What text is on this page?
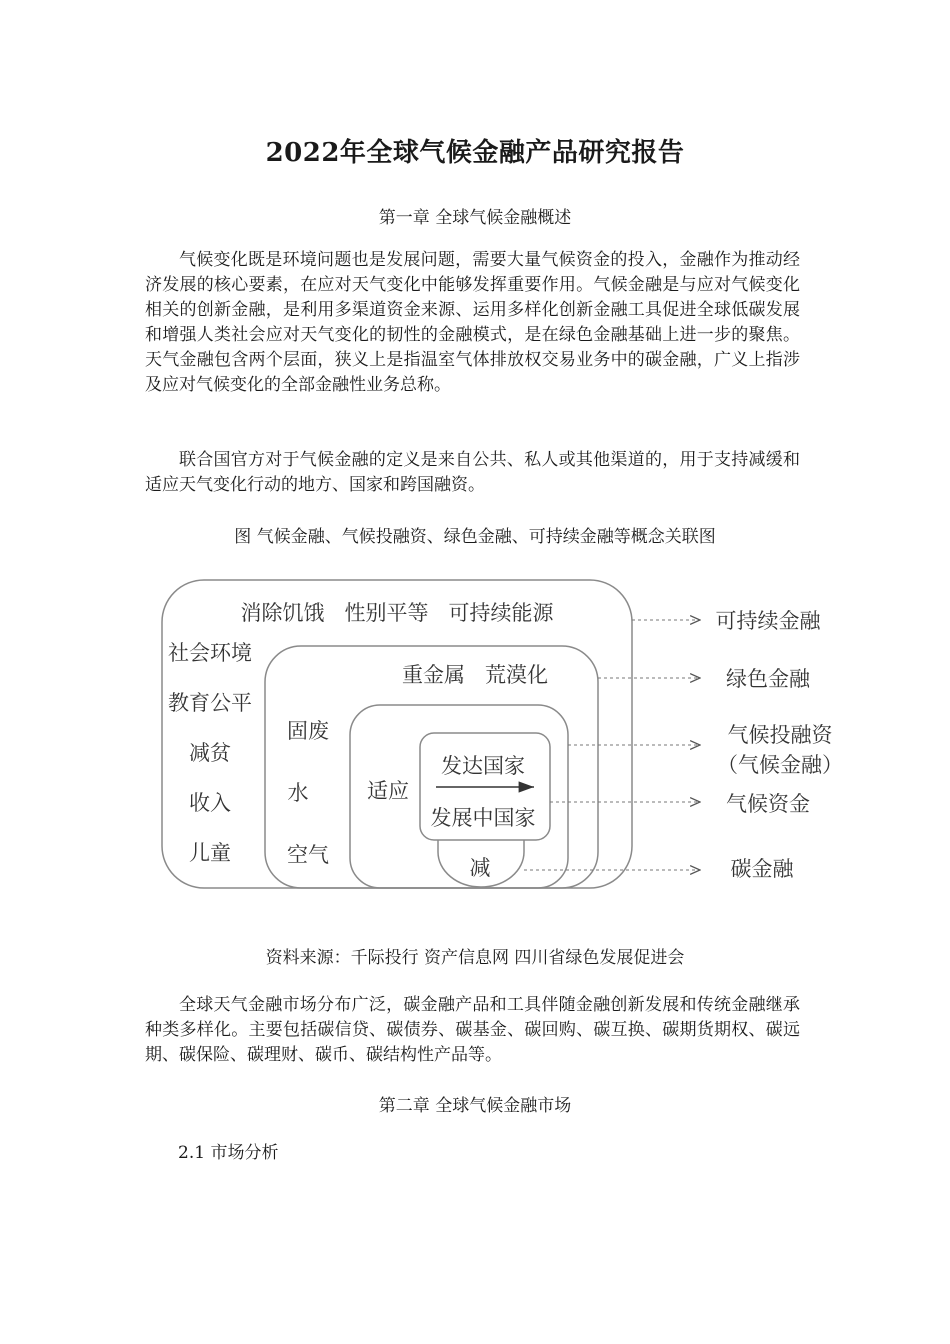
2022年全球气候金融产品研究报告
第一章 全球气候金融概述

气候变化既是环境问题也是发展问题，需要大量气候资金的投入，金融作为推动经济发展的核心要素，在应对天气变化中能够发挥重要作用。气候金融是与应对气候变化相关的创新金融，是利用多渠道资金来源、运用多样化创新金融工具促进全球低碳发展和增强人类社会应对天气变化的韧性的金融模式，是在绿色金融基础上进一步的聚焦。天气金融包含两个层面，狭义上是指温室气体排放权交易业务中的碳金融，广义上指涉及应对气候变化的全部金融性业务总称。

联合国官方对于气候金融的定义是来自公共、私人或其他渠道的，用于支持减缓和适应天气变化行动的地方、国家和跨国融资。

图 气候金融、气候投融资、绿色金融、可持续金融等概念关联图
消除饥饿   性别平等   可持续能源
社会环境
教育公平
减贫
收入
儿童
重金属   荒漠化
固废
水
空气
适应
发达国家
发展中国家
减
可持续金融
绿色金融
气候投融资
（气候金融）
气候资金
碳金融
资料来源：千际投行 资产信息网 四川省绿色发展促进会

全球天气金融市场分布广泛，碳金融产品和工具伴随金融创新发展和传统金融继承种类多样化。主要包括碳信贷、碳债券、碳基金、碳回购、碳互换、碳期货期权、碳远期、碳保险、碳理财、碳币、碳结构性产品等。

第二章 全球气候金融市场
2.1 市场分析
